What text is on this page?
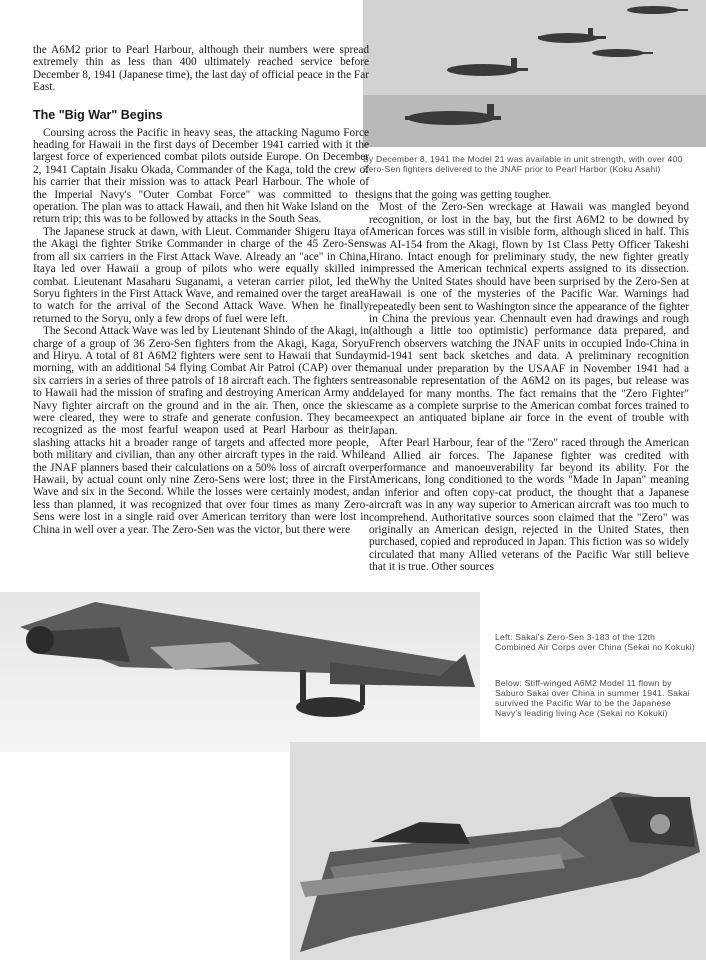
By December 8, 1941 the Model 21 was available in unit strength, with over 400 Zero-Sen fighters delivered to the JNAF prior to Pearl Harbor (Koku Asahi)

the A6M2 prior to Pearl Harbour, although their numbers were spread extremely thin as less than 400 ultimately reached service before December 8, 1941 (Japanese time), the last day of official peace in the Far East.

The "Big War" Begins

Coursing across the Pacific in heavy seas, the attacking Nagumo Force heading for Hawaii in the first days of December 1941 carried with it the largest force of experienced combat pilots outside Europe. On December 2, 1941 Captain Jisaku Okada, Commander of the Kaga, told the crew of his carrier that their mission was to attack Pearl Harbour. The whole of the Imperial Navy's "Outer Combat Force" was committed to the operation. The plan was to attack Hawaii, and then hit Wake Island on the return trip; this was to be followed by attacks in the South Seas.

The Japanese struck at dawn, with Lieut. Commander Shigeru Itaya of the Akagi the fighter Strike Commander in charge of the 45 Zero-Sens from all six carriers in the First Attack Wave. Already an "ace" in China, Itaya led over Hawaii a group of pilots who were equally skilled in combat. Lieutenant Masaharu Suganami, a veteran carrier pilot, led the Soryu fighters in the First Attack Wave, and remained over the target area to watch for the arrival of the Second Attack Wave. When he finally returned to the Soryu, only a few drops of fuel were left.

The Second Attack Wave was led by Lieutenant Shindo of the Akagi, in charge of a group of 36 Zero-Sen fighters from the Akagi, Kaga, Soryu and Hiryu. A total of 81 A6M2 fighters were sent to Hawaii that Sunday morning, with an additional 54 flying Combat Air Patrol (CAP) over the six carriers in a series of three patrols of 18 aircraft each. The fighters sent to Hawaii had the mission of strafing and destroying American Army and Navy fighter aircraft on the ground and in the air. Then, once the skies were cleared, they were to strafe and generate confusion. They became recognized as the most fearful weapon used at Pearl Harbour as their slashing attacks hit a broader range of targets and affected more people, both military and civilian, than any other aircraft types in the raid. While the JNAF planners based their calculations on a 50% loss of aircraft over Hawaii, by actual count only nine Zero-Sens were lost; three in the First Wave and six in the Second. While the losses were certainly modest, and less than planned, it was recognized that over four times as many Zero-Sens were lost in a single raid over American territory than were lost in China in well over a year. The Zero-Sen was the victor, but there were

signs that the going was getting tougher.

Most of the Zero-Sen wreckage at Hawaii was mangled beyond recognition, or lost in the bay, but the first A6M2 to be downed by American forces was still in visible form, although sliced in half. This was AI-154 from the Akagi, flown by 1st Class Petty Officer Takeshi Hirano. Intact enough for preliminary study, the new fighter greatly impressed the American technical experts assigned to its dissection. Why the United States should have been surprised by the Zero-Sen at Hawaii is one of the mysteries of the Pacific War. Warnings had repeatedly been sent to Washington since the appearance of the fighter in China the previous year. Chennault even had drawings and rough (although a little too optimistic) performance data prepared, and French observers watching the JNAF units in occupied Indo-China in mid-1941 sent back sketches and data. A preliminary recognition manual under preparation by the USAAF in November 1941 had a reasonable representation of the A6M2 on its pages, but release was delayed for many months. The fact remains that the "Zero Fighter" came as a complete surprise to the American combat forces trained to expect an antiquated biplane air force in the event of trouble with Japan.

After Pearl Harbour, fear of the "Zero" raced through the American and Allied air forces. The Japanese fighter was credited with performance and manoeuverability far beyond its ability. For the Americans, long conditioned to the words "Made In Japan" meaning an inferior and often copy-cat product, the thought that a Japanese aircraft was in any way superior to American aircraft was too much to comprehend. Authoritative sources soon claimed that the "Zero" was originally an American design, rejected in the United States, then purchased, copied and reproduced in Japan. This fiction was so widely circulated that many Allied veterans of the Pacific War still believe that it is true. Other sources

Left: Sakai's Zero-Sen 3-183 of the 12th Combined Air Corps over China (Sekai no Kokuki)
Below: Stiff-winged A6M2 Model 11 flown by Saburo Sakai over China in summer 1941. Sakai survived the Pacific War to be the Japanese Navy's leading living Ace (Sekai no Kokuki)
